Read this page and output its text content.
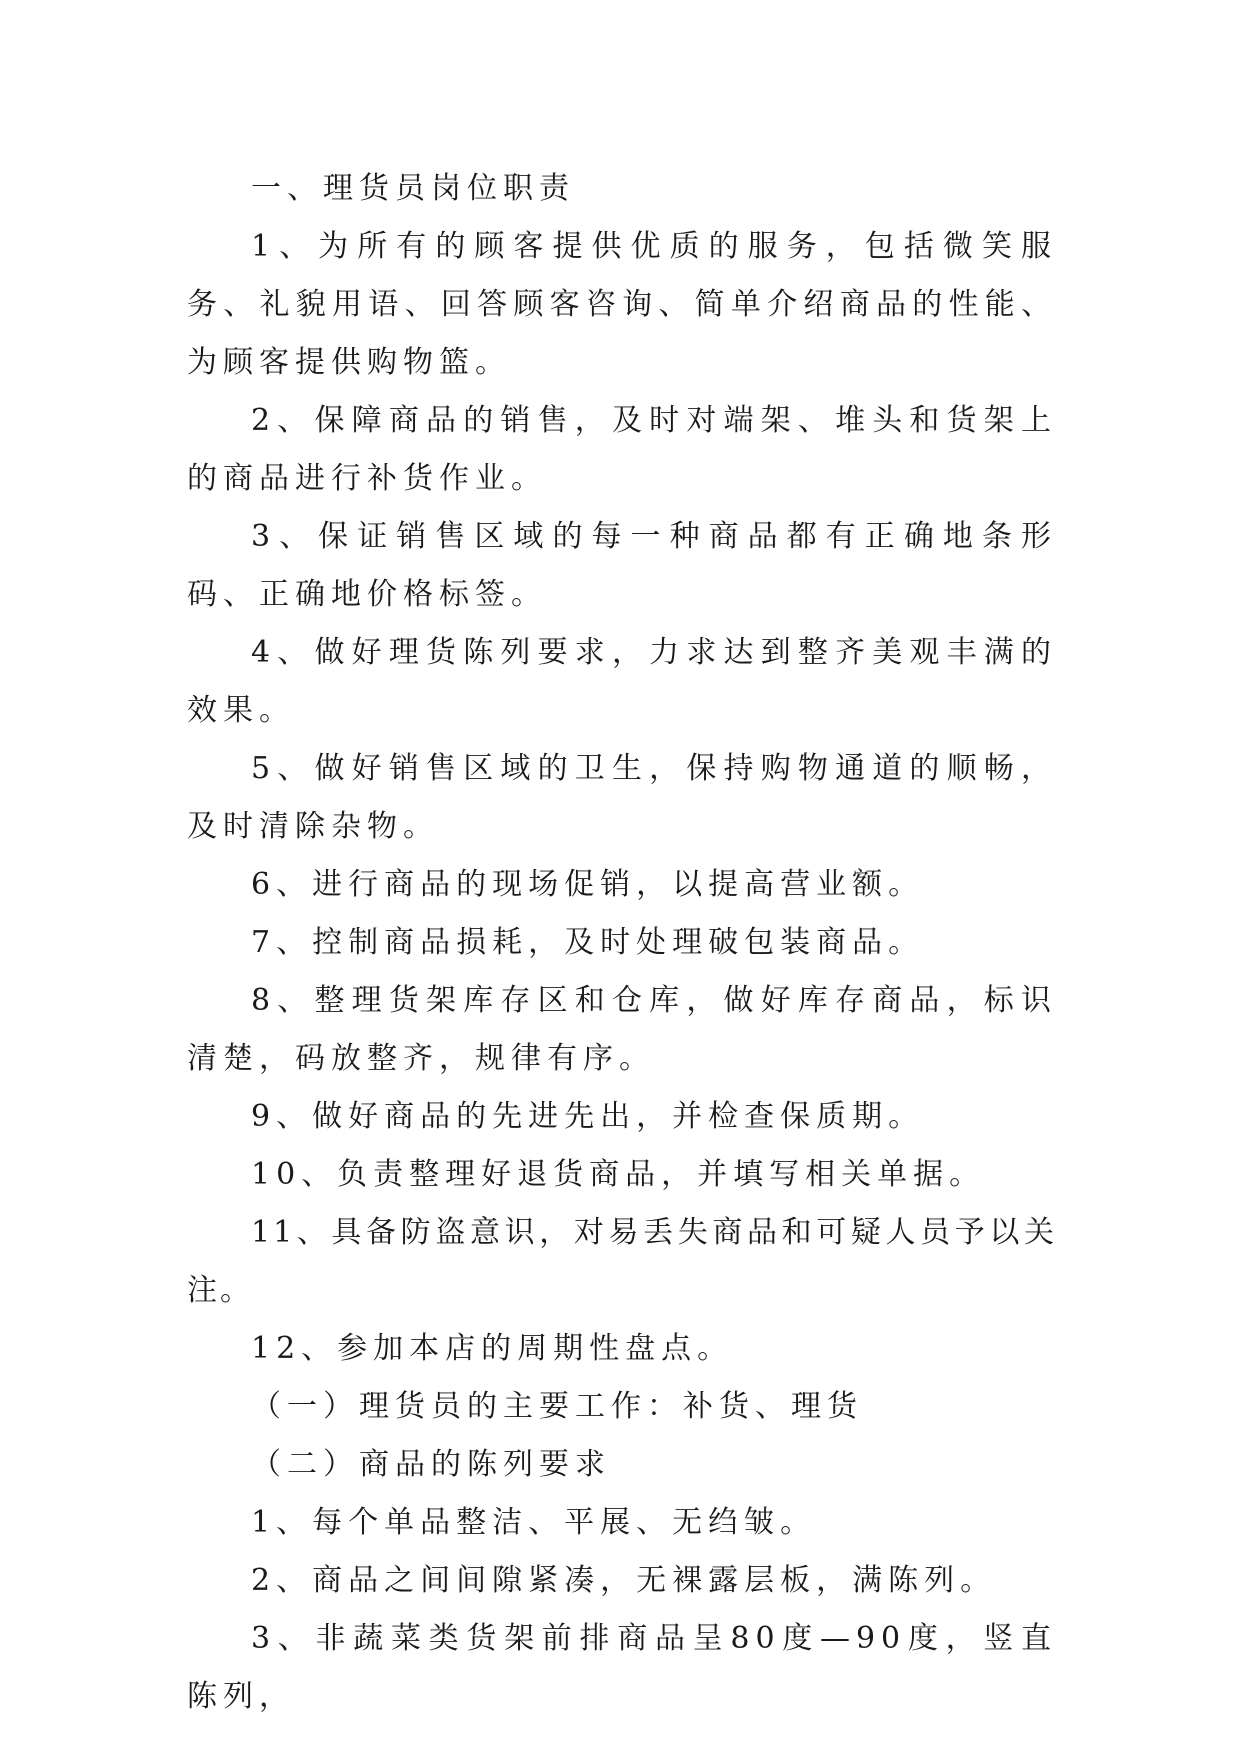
一、理货员岗位职责

1、为所有的顾客提供优质的服务，包括微笑服务、礼貌用语、回答顾客咨询、简单介绍商品的性能、为顾客提供购物篮。

2、保障商品的销售，及时对端架、堆头和货架上的商品进行补货作业。

3、保证销售区域的每一种商品都有正确地条形码、正确地价格标签。

4、做好理货陈列要求，力求达到整齐美观丰满的效果。

5、做好销售区域的卫生，保持购物通道的顺畅，及时清除杂物。

6、进行商品的现场促销，以提高营业额。

7、控制商品损耗，及时处理破包装商品。

8、整理货架库存区和仓库，做好库存商品，标识清楚，码放整齐，规律有序。

9、做好商品的先进先出，并检查保质期。

10、负责整理好退货商品，并填写相关单据。

11、具备防盗意识，对易丢失商品和可疑人员予以关注。

12、参加本店的周期性盘点。

（一）理货员的主要工作：补货、理货

（二）商品的陈列要求

1、每个单品整洁、平展、无绉皱。

2、商品之间间隙紧凑，无裸露层板，满陈列。

3、非蔬菜类货架前排商品呈80度—90度，竖直陈列，
